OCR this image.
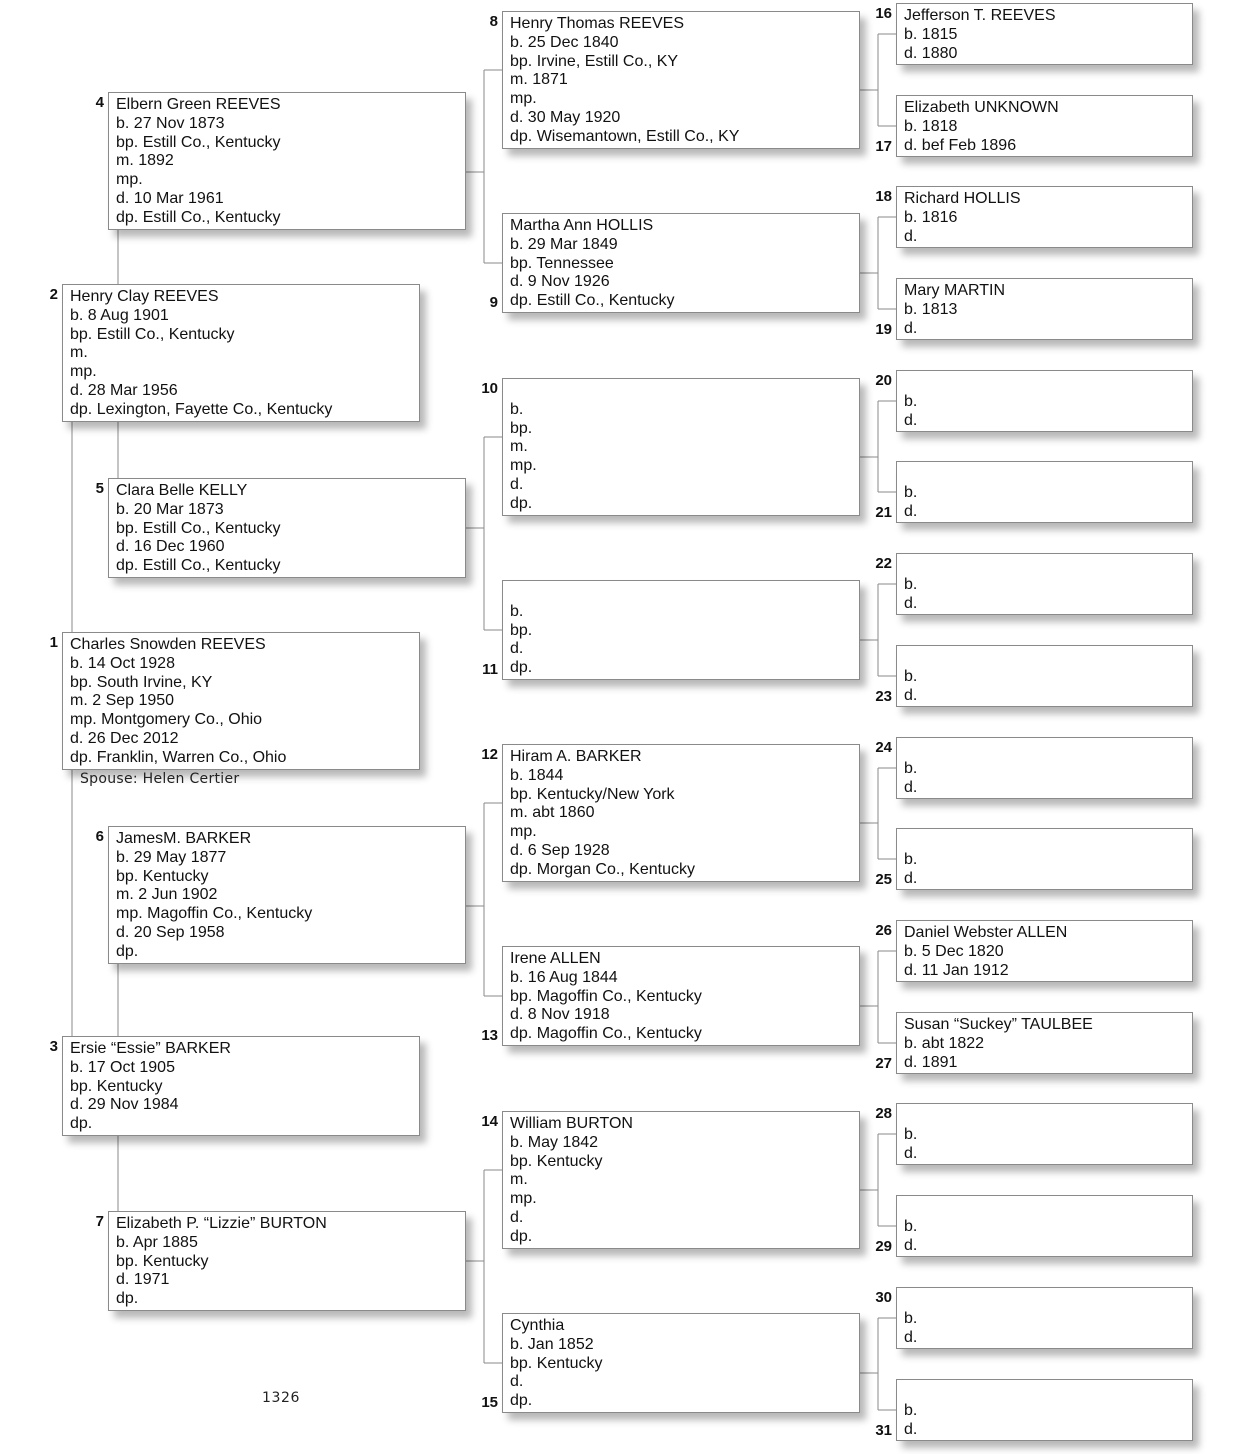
Charles Snowden REEVES
b. 14 Oct 1928
bp. South Irvine, KY
m. 2 Sep 1950
mp. Montgomery Co., Ohio
d. 26 Dec 2012
dp. Franklin, Warren Co., Ohio
1
Henry Clay REEVES
b. 8 Aug 1901
bp. Estill Co., Kentucky
m.
mp.
d. 28 Mar 1956
dp. Lexington, Fayette Co., Kentucky
2
Ersie “Essie” BARKER
b. 17 Oct 1905
bp. Kentucky
d. 29 Nov 1984
dp.
3
Elbern Green REEVES
b. 27 Nov 1873
bp. Estill Co., Kentucky
m. 1892
mp.
d. 10 Mar 1961
dp. Estill Co., Kentucky
4
Clara Belle KELLY
b. 20 Mar 1873
bp. Estill Co., Kentucky
d. 16 Dec 1960
dp. Estill Co., Kentucky
5
JamesM. BARKER
b. 29 May 1877
bp. Kentucky
m. 2 Jun 1902
mp. Magoffin Co., Kentucky
d. 20 Sep 1958
dp.
6
Elizabeth P. “Lizzie” BURTON
b. Apr 1885
bp. Kentucky
d. 1971
dp.
7
Henry Thomas REEVES
b. 25 Dec 1840
bp. Irvine, Estill Co., KY
m. 1871
mp.
d. 30 May 1920
dp. Wisemantown, Estill Co., KY
8
Martha Ann HOLLIS
b. 29 Mar 1849
bp. Tennessee
d. 9 Nov 1926
dp. Estill Co., Kentucky
9

b.
bp.
m.
mp.
d.
dp.
10

b.
bp.
d.
dp.
11
Hiram A. BARKER
b. 1844
bp. Kentucky/New York
m. abt 1860
mp.
d. 6 Sep 1928
dp. Morgan Co., Kentucky
12
Irene ALLEN
b. 16 Aug 1844
bp. Magoffin Co., Kentucky
d. 8 Nov 1918
dp. Magoffin Co., Kentucky
13
William BURTON
b. May 1842
bp. Kentucky
m.
mp.
d.
dp.
14
Cynthia
b. Jan 1852
bp. Kentucky
d.
dp.
15
Jefferson T. REEVES
b. 1815
d. 1880
16
Elizabeth UNKNOWN
b. 1818
d. bef Feb 1896
17
Richard HOLLIS
b. 1816
d.
18
Mary MARTIN
b. 1813
d.
19

b.
d.
20

b.
d.
21

b.
d.
22

b.
d.
23

b.
d.
24

b.
d.
25
Daniel Webster ALLEN
b. 5 Dec 1820
d. 11 Jan 1912
26
Susan “Suckey” TAULBEE
b. abt 1822
d. 1891
27

b.
d.
28

b.
d.
29

b.
d.
30

b.
d.
31
Spouse: Helen Certier
1326
